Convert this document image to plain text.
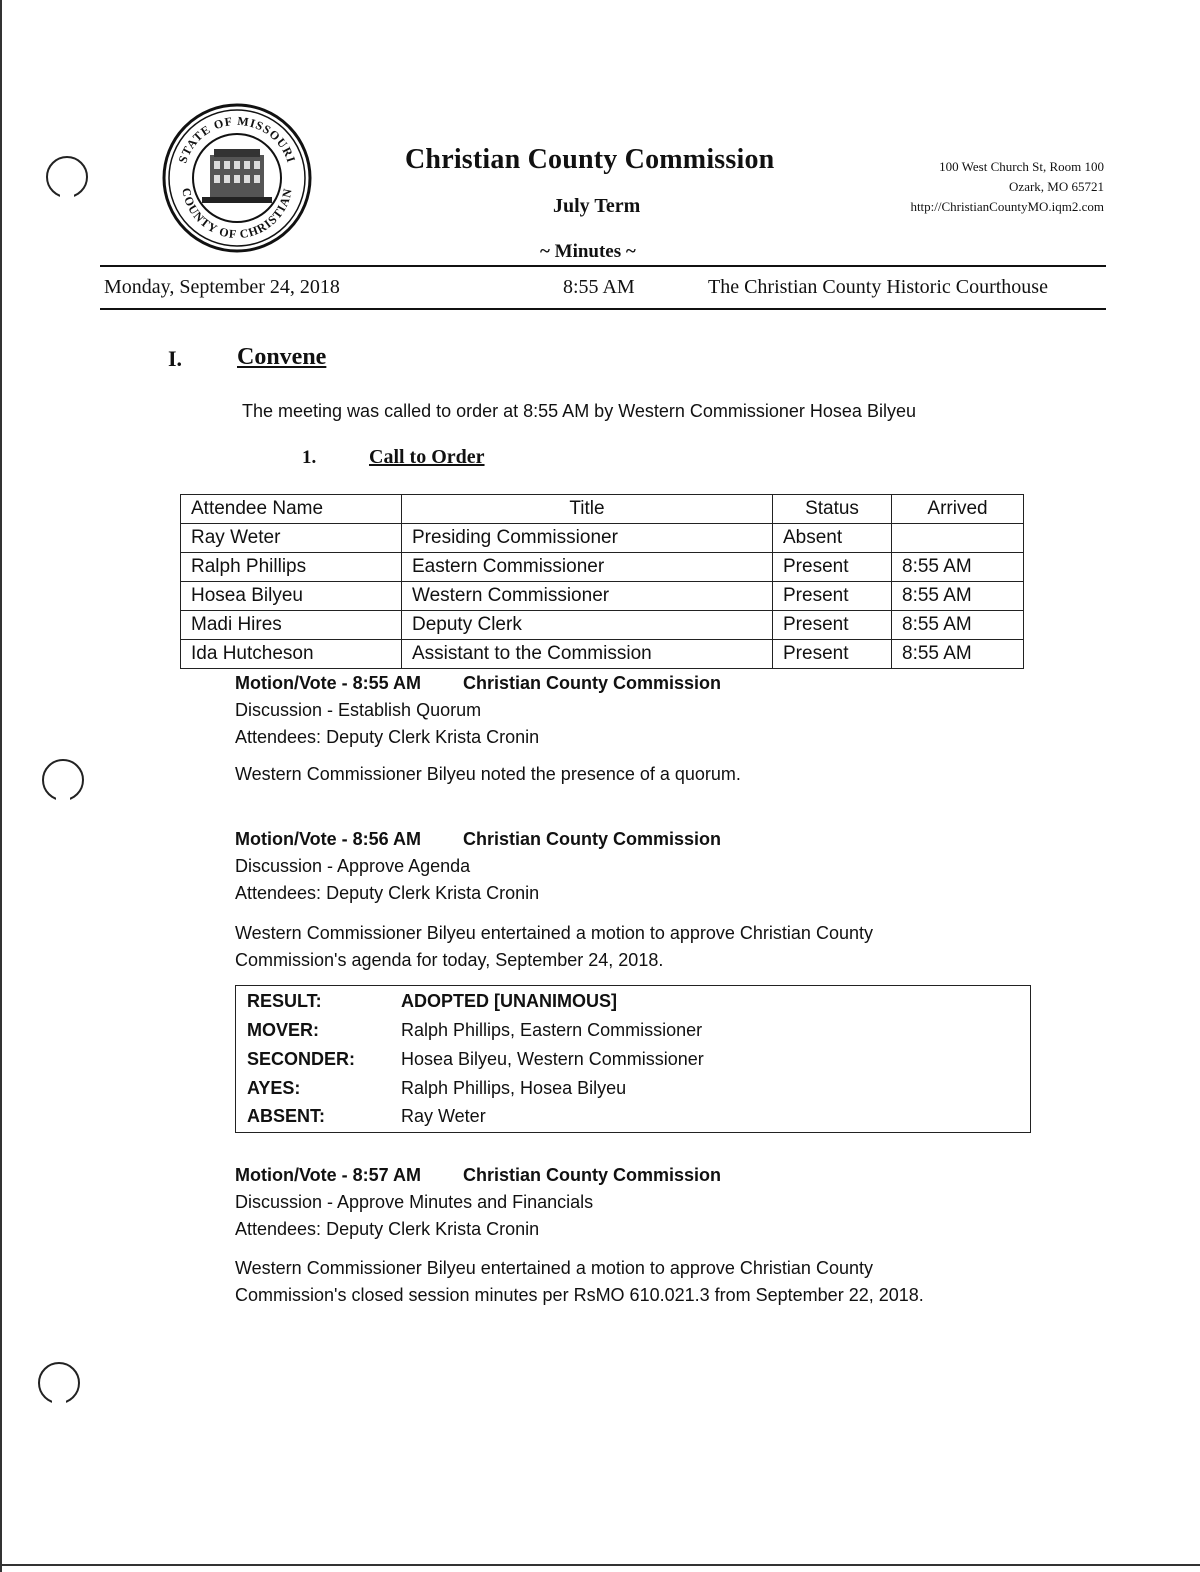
STATE OF MISSOURI
COUNTY OF CHRISTIAN
Christian County Commission
July Term
~ Minutes ~
100 West Church St, Room 100
Ozark, MO 65721
http://ChristianCountyMO.iqm2.com
Monday, September 24, 2018	8:55 AM	The Christian County Historic Courthouse
I. Convene
The meeting was called to order at 8:55 AM by Western Commissioner Hosea Bilyeu
1.	Call to Order
Attendee Name	Title	Status	Arrived
Ray Weter	Presiding Commissioner	Absent	
Ralph Phillips	Eastern Commissioner	Present	8:55 AM
Hosea Bilyeu	Western Commissioner	Present	8:55 AM
Madi Hires	Deputy Clerk	Present	8:55 AM
Ida Hutcheson	Assistant to the Commission	Present	8:55 AM
Motion/Vote - 8:55 AM Christian County Commission
Discussion - Establish Quorum
Attendees: Deputy Clerk Krista Cronin
Western Commissioner Bilyeu noted the presence of a quorum.
Motion/Vote - 8:56 AM Christian County Commission
Discussion - Approve Agenda
Attendees: Deputy Clerk Krista Cronin
Western Commissioner Bilyeu entertained a motion to approve Christian County
Commission's agenda for today, September 24, 2018.
RESULT:	ADOPTED [UNANIMOUS]
MOVER:	Ralph Phillips, Eastern Commissioner
SECONDER:	Hosea Bilyeu, Western Commissioner
AYES:	Ralph Phillips, Hosea Bilyeu
ABSENT:	Ray Weter
Motion/Vote - 8:57 AM Christian County Commission
Discussion - Approve Minutes and Financials
Attendees: Deputy Clerk Krista Cronin
Western Commissioner Bilyeu entertained a motion to approve Christian County
Commission's closed session minutes per RsMO 610.021.3 from September 22, 2018.
